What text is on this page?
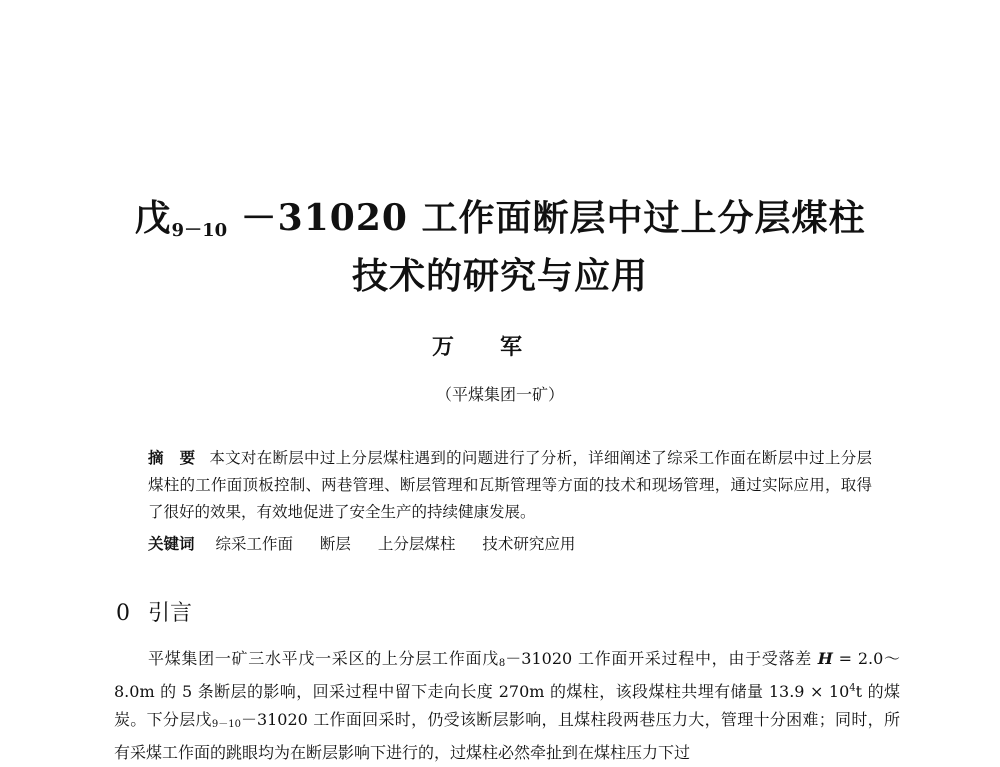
戊$_{9-10}$ －31020 工作面断层中过上分层煤柱
技术的研究与应用
万军
（平煤集团一矿）
摘　要 本文对在断层中过上分层煤柱遇到的问题进行了分析，详细阐述了综采工作面在断层中过上分层煤柱的工作面顶板控制、两巷管理、断层管理和瓦斯管理等方面的技术和现场管理，通过实际应用，取得了很好的效果，有效地促进了安全生产的持续健康发展。
关键词 综采工作面 断层 上分层煤柱 技术研究应用
0 引言
平煤集团一矿三水平戊一采区的上分层工作面戊8－31020 工作面开采过程中，由于受落差 H = 2.0～8.0m 的 5 条断层的影响，回采过程中留下走向长度 270m 的煤柱，该段煤柱共埋有储量 $13.9 \times 10^4t$ 的煤炭。下分层戊9－10－31020 工作面回采时，仍受该断层影响，且煤柱段两巷压力大，管理十分困难；同时，所有采煤工作面的跳眼均为在断层影响下进行的，过煤柱必然牵扯到在煤柱压力下过
